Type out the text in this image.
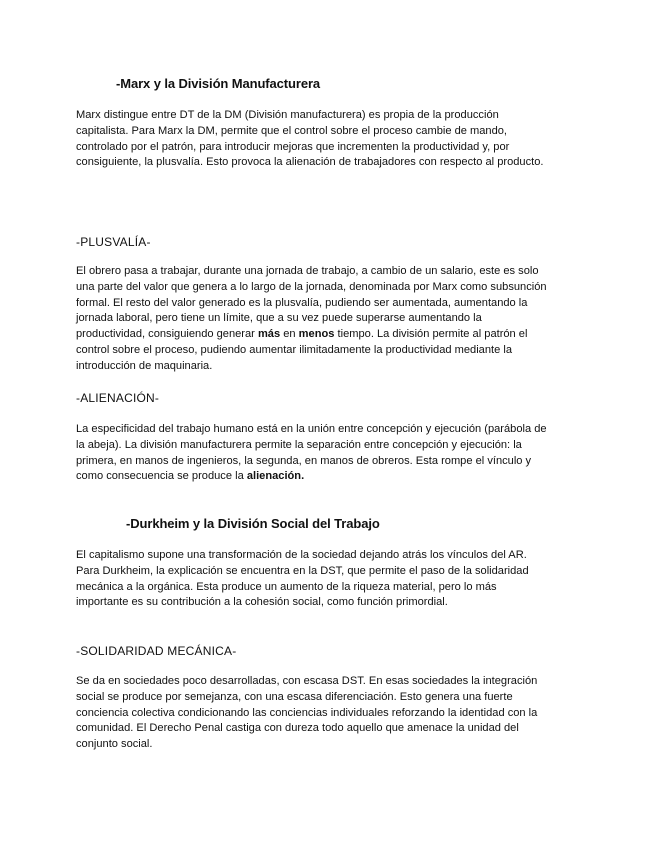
-Marx y la División Manufacturera
Marx distingue entre DT de la DM (División manufacturera) es propia de la producción
capitalista. Para Marx la DM, permite que el control sobre el proceso cambie de mando,
controlado por el patrón, para introducir mejoras que incrementen la productividad y, por
consiguiente, la plusvalía. Esto provoca la alienación de trabajadores con respecto al producto.
-PLUSVALÍA-
El obrero pasa a trabajar, durante una jornada de trabajo, a cambio de un salario, este es solo
una parte del valor que genera a lo largo de la jornada, denominada por Marx como subsunción
formal. El resto del valor generado es la plusvalía, pudiendo ser aumentada, aumentando la
jornada laboral, pero tiene un límite, que a su vez puede superarse aumentando la
productividad, consiguiendo generar más en menos tiempo. La división permite al patrón el
control sobre el proceso, pudiendo aumentar ilimitadamente la productividad mediante la
introducción de maquinaria.
-ALIENACIÓN-
La especificidad del trabajo humano está en la unión entre concepción y ejecución (parábola de
la abeja). La división manufacturera permite la separación entre concepción y ejecución: la
primera, en manos de ingenieros, la segunda, en manos de obreros. Esta rompe el vínculo y
como consecuencia se produce la alienación.
-Durkheim y la División Social del Trabajo
El capitalismo supone una transformación de la sociedad dejando atrás los vínculos del AR.
Para Durkheim, la explicación se encuentra en la DST, que permite el paso de la solidaridad
mecánica a la orgánica. Esta produce un aumento de la riqueza material, pero lo más
importante es su contribución a la cohesión social, como función primordial.
-SOLIDARIDAD MECÁNICA-
Se da en sociedades poco desarrolladas, con escasa DST. En esas sociedades la integración
social se produce por semejanza, con una escasa diferenciación. Esto genera una fuerte
conciencia colectiva condicionando las conciencias individuales reforzando la identidad con la
comunidad. El Derecho Penal castiga con dureza todo aquello que amenace la unidad del
conjunto social.
